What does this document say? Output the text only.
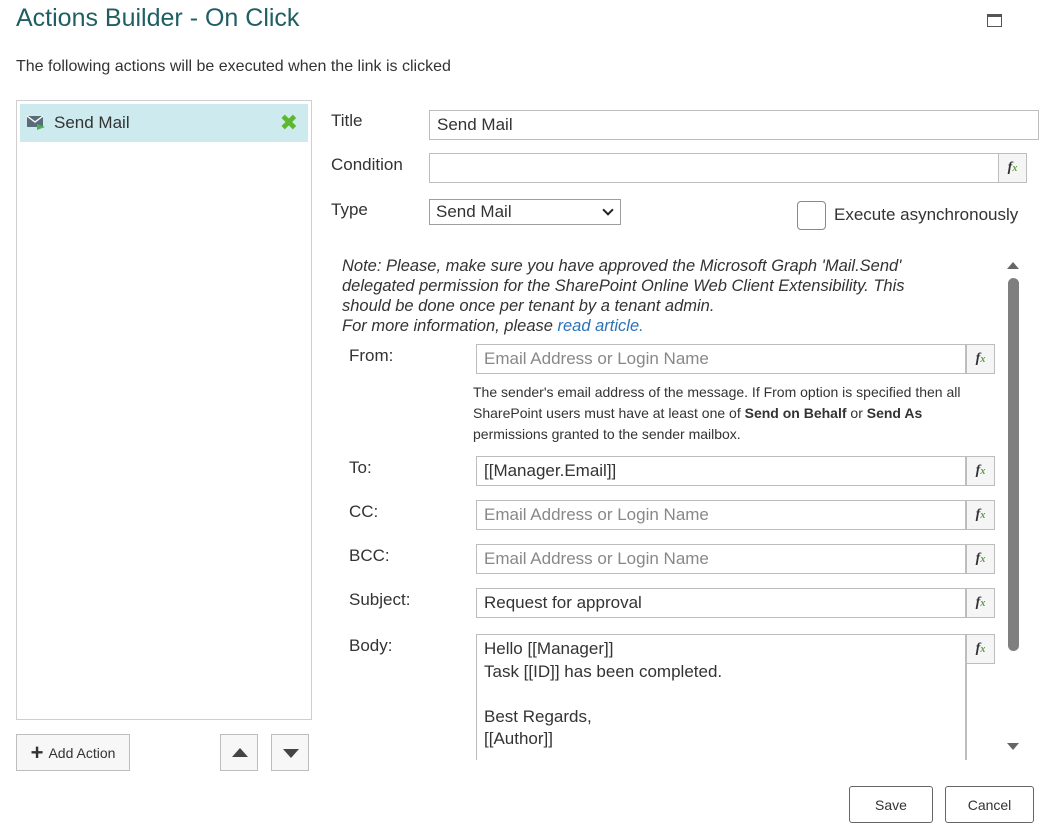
Actions Builder - On Click
The following actions will be executed when the link is clicked
Send Mail	✖
+ Add Action
Title	Send Mail
Condition	fx
Type	Send Mail	Execute asynchronously
Note: Please, make sure you have approved the Microsoft Graph 'Mail.Send'
delegated permission for the SharePoint Online Web Client Extensibility. This
should be done once per tenant by a tenant admin.
For more information, please read article.
From:	Email Address or Login Name	fx
The sender's email address of the message. If From option is specified then all SharePoint users must have at least one of Send on Behalf or Send As permissions granted to the sender mailbox.
To:	[[Manager.Email]]	fx
CC:	Email Address or Login Name	fx
BCC:	Email Address or Login Name	fx
Subject:	Request for approval	fx
Body:	Hello [[Manager]]
Task [[ID]] has been completed.

Best Regards,
[[Author]]
fx
Save	Cancel
